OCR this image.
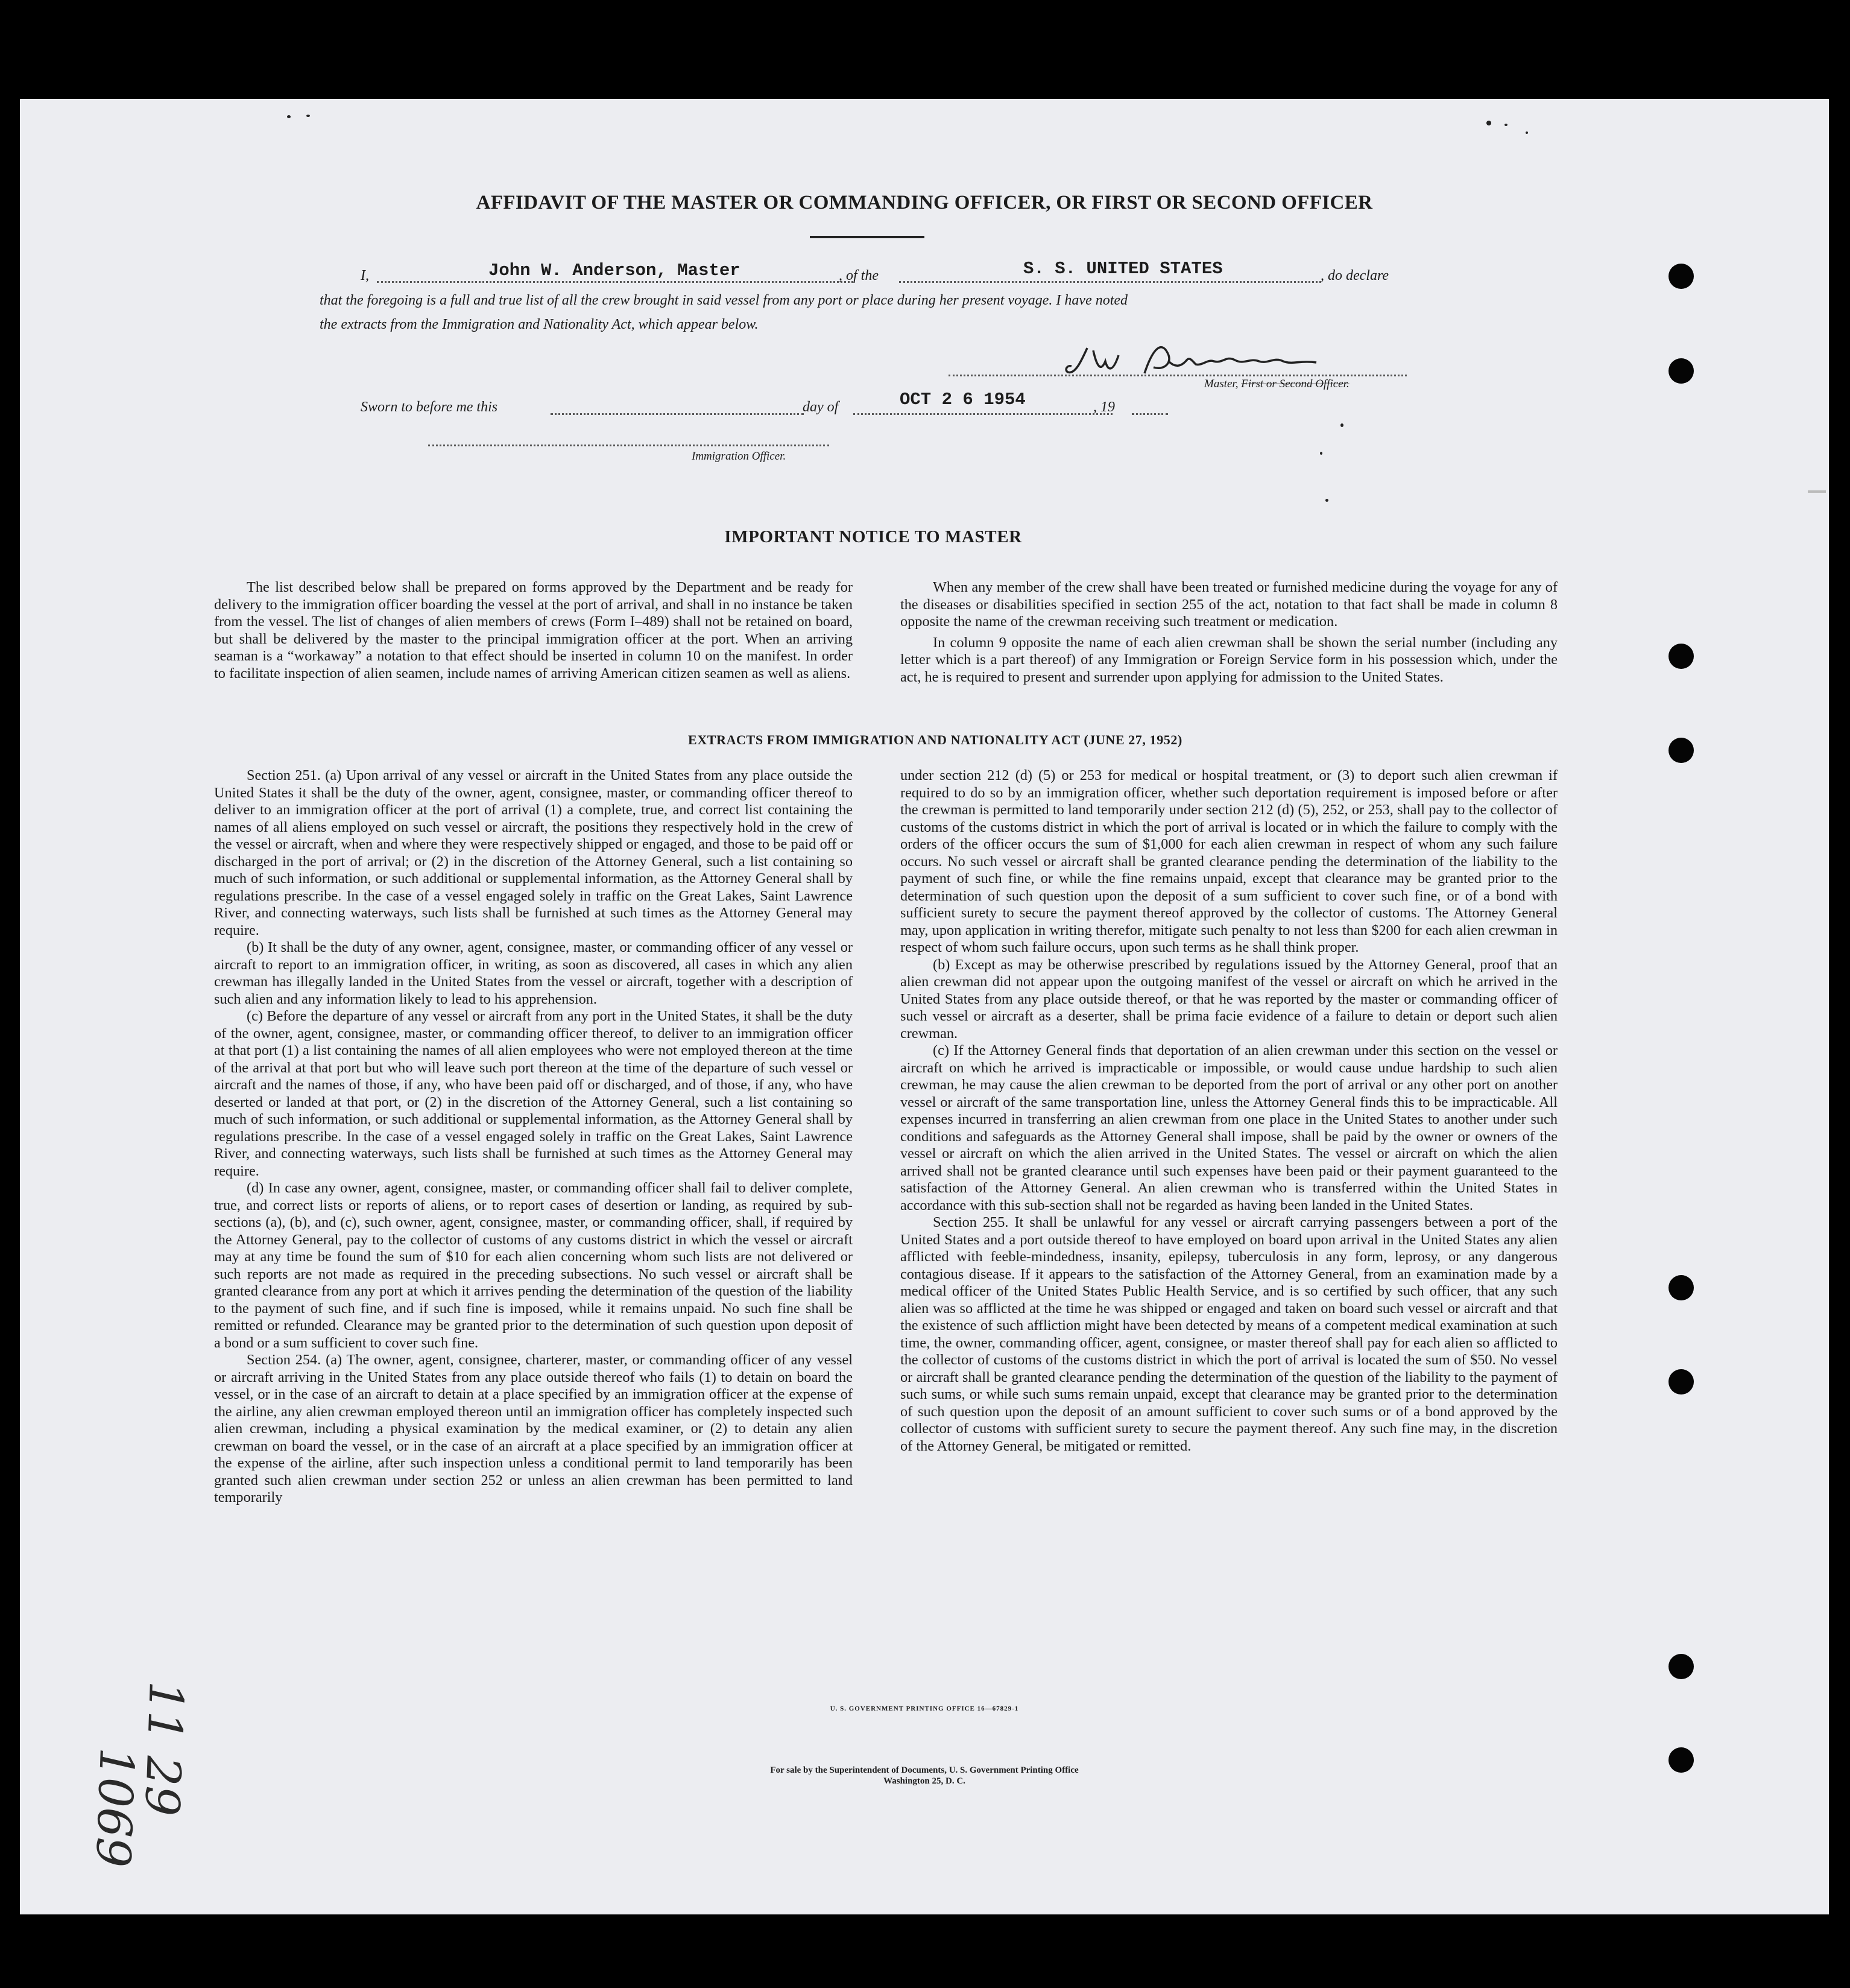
AFFIDAVIT OF THE MASTER OR COMMANDING OFFICER, OR FIRST OR SECOND OFFICER
I,	John W. Anderson, Master	, of the	S. S. UNITED STATES	, do declare
that the foregoing is a full and true list of all the crew brought in said vessel from any port or place during her present voyage. I have noted
the extracts from the Immigration and Nationality Act, which appear below.
JW Anderson
Master, First or Second Officer.
Sworn to before me this	day of	OCT 2 6 1954	, 19
Immigration Officer.
IMPORTANT NOTICE TO MASTER

The list described below shall be prepared on forms approved by the Department and be ready for delivery to the immigration officer boarding the vessel at the port of arrival, and shall in no instance be taken from the vessel. The list of changes of alien members of crews (Form I–489) shall not be retained on board, but shall be delivered by the master to the principal immigration officer at the port. When an arriving seaman is a “workaway” a notation to that effect should be inserted in column 10 on the manifest. In order to facilitate inspection of alien seamen, include names of arriving American citizen seamen as well as aliens.

When any member of the crew shall have been treated or furnished medicine during the voyage for any of the diseases or disabilities specified in section 255 of the act, notation to that fact shall be made in column 8 opposite the name of the crewman receiving such treatment or medication.

In column 9 opposite the name of each alien crewman shall be shown the serial number (including any letter which is a part thereof) of any Immigration or Foreign Service form in his possession which, under the act, he is required to present and surrender upon applying for admission to the United States.

EXTRACTS FROM IMMIGRATION AND NATIONALITY ACT (JUNE 27, 1952)

Section 251. (a) Upon arrival of any vessel or aircraft in the United States from any place outside the United States it shall be the duty of the owner, agent, consignee, master, or commanding officer thereof to deliver to an immigration officer at the port of arrival (1) a complete, true, and correct list containing the names of all aliens employed on such vessel or aircraft, the positions they respectively hold in the crew of the vessel or aircraft, when and where they were respectively shipped or engaged, and those to be paid off or discharged in the port of arrival; or (2) in the discretion of the Attorney General, such a list containing so much of such information, or such additional or supplemental information, as the Attorney General shall by regulations prescribe. In the case of a vessel engaged solely in traffic on the Great Lakes, Saint Lawrence River, and connecting waterways, such lists shall be furnished at such times as the Attorney General may require.

(b) It shall be the duty of any owner, agent, consignee, master, or commanding officer of any vessel or aircraft to report to an immigration officer, in writing, as soon as discovered, all cases in which any alien crewman has illegally landed in the United States from the vessel or aircraft, together with a description of such alien and any information likely to lead to his apprehension.

(c) Before the departure of any vessel or aircraft from any port in the United States, it shall be the duty of the owner, agent, consignee, master, or commanding officer thereof, to deliver to an immigration officer at that port (1) a list containing the names of all alien employees who were not employed thereon at the time of the arrival at that port but who will leave such port thereon at the time of the departure of such vessel or aircraft and the names of those, if any, who have been paid off or discharged, and of those, if any, who have deserted or landed at that port, or (2) in the discretion of the Attorney General, such a list containing so much of such information, or such additional or supplemental information, as the Attorney General shall by regulations prescribe. In the case of a vessel engaged solely in traffic on the Great Lakes, Saint Lawrence River, and connecting waterways, such lists shall be furnished at such times as the Attorney General may require.

(d) In case any owner, agent, consignee, master, or commanding officer shall fail to deliver complete, true, and correct lists or reports of aliens, or to report cases of desertion or landing, as required by sub-sections (a), (b), and (c), such owner, agent, consignee, master, or commanding officer, shall, if required by the Attorney General, pay to the collector of customs of any customs district in which the vessel or aircraft may at any time be found the sum of $10 for each alien concerning whom such lists are not delivered or such reports are not made as required in the preceding subsections. No such vessel or aircraft shall be granted clearance from any port at which it arrives pending the determination of the question of the liability to the payment of such fine, and if such fine is imposed, while it remains unpaid. No such fine shall be remitted or refunded. Clearance may be granted prior to the determination of such question upon deposit of a bond or a sum sufficient to cover such fine.

Section 254. (a) The owner, agent, consignee, charterer, master, or commanding officer of any vessel or aircraft arriving in the United States from any place outside thereof who fails (1) to detain on board the vessel, or in the case of an aircraft to detain at a place specified by an immigration officer at the expense of the airline, any alien crewman employed thereon until an immigration officer has completely inspected such alien crewman, including a physical examination by the medical examiner, or (2) to detain any alien crewman on board the vessel, or in the case of an aircraft at a place specified by an immigration officer at the expense of the airline, after such inspection unless a conditional permit to land temporarily has been granted such alien crewman under section 252 or unless an alien crewman has been permitted to land temporarily

under section 212 (d) (5) or 253 for medical or hospital treatment, or (3) to deport such alien crewman if required to do so by an immigration officer, whether such deportation requirement is imposed before or after the crewman is permitted to land temporarily under section 212 (d) (5), 252, or 253, shall pay to the collector of customs of the customs district in which the port of arrival is located or in which the failure to comply with the orders of the officer occurs the sum of $1,000 for each alien crewman in respect of whom any such failure occurs. No such vessel or aircraft shall be granted clearance pending the determination of the liability to the payment of such fine, or while the fine remains unpaid, except that clearance may be granted prior to the determination of such question upon the deposit of a sum sufficient to cover such fine, or of a bond with sufficient surety to secure the payment thereof approved by the collector of customs. The Attorney General may, upon application in writing therefor, mitigate such penalty to not less than $200 for each alien crewman in respect of whom such failure occurs, upon such terms as he shall think proper.

(b) Except as may be otherwise prescribed by regulations issued by the Attorney General, proof that an alien crewman did not appear upon the outgoing manifest of the vessel or aircraft on which he arrived in the United States from any place outside thereof, or that he was reported by the master or commanding officer of such vessel or aircraft as a deserter, shall be prima facie evidence of a failure to detain or deport such alien crewman.

(c) If the Attorney General finds that deportation of an alien crewman under this section on the vessel or aircraft on which he arrived is impracticable or impossible, or would cause undue hardship to such alien crewman, he may cause the alien crewman to be deported from the port of arrival or any other port on another vessel or aircraft of the same transportation line, unless the Attorney General finds this to be impracticable. All expenses incurred in transferring an alien crewman from one place in the United States to another under such conditions and safeguards as the Attorney General shall impose, shall be paid by the owner or owners of the vessel or aircraft on which the alien arrived in the United States. The vessel or aircraft on which the alien arrived shall not be granted clearance until such expenses have been paid or their payment guaranteed to the satisfaction of the Attorney General. An alien crewman who is transferred within the United States in accordance with this sub-section shall not be regarded as having been landed in the United States.

Section 255. It shall be unlawful for any vessel or aircraft carrying passengers between a port of the United States and a port outside thereof to have employed on board upon arrival in the United States any alien afflicted with feeble-mindedness, insanity, epilepsy, tuberculosis in any form, leprosy, or any dangerous contagious disease. If it appears to the satisfaction of the Attorney General, from an examination made by a medical officer of the United States Public Health Service, and is so certified by such officer, that any such alien was so afflicted at the time he was shipped or engaged and taken on board such vessel or aircraft and that the existence of such affliction might have been detected by means of a competent medical examination at such time, the owner, commanding officer, agent, consignee, or master thereof shall pay for each alien so afflicted to the collector of customs of the customs district in which the port of arrival is located the sum of $50. No vessel or aircraft shall be granted clearance pending the determination of the question of the liability to the payment of such sums, or while such sums remain unpaid, except that clearance may be granted prior to the determination of such question upon the deposit of an amount sufficient to cover such sums or of a bond approved by the collector of customs with sufficient surety to secure the payment thereof. Any such fine may, in the discretion of the Attorney General, be mitigated or remitted.

U. S. GOVERNMENT PRINTING OFFICE 16—67829-1
For sale by the Superintendent of Documents, U. S. Government Printing Office
Washington 25, D. C.
11 29
1069
